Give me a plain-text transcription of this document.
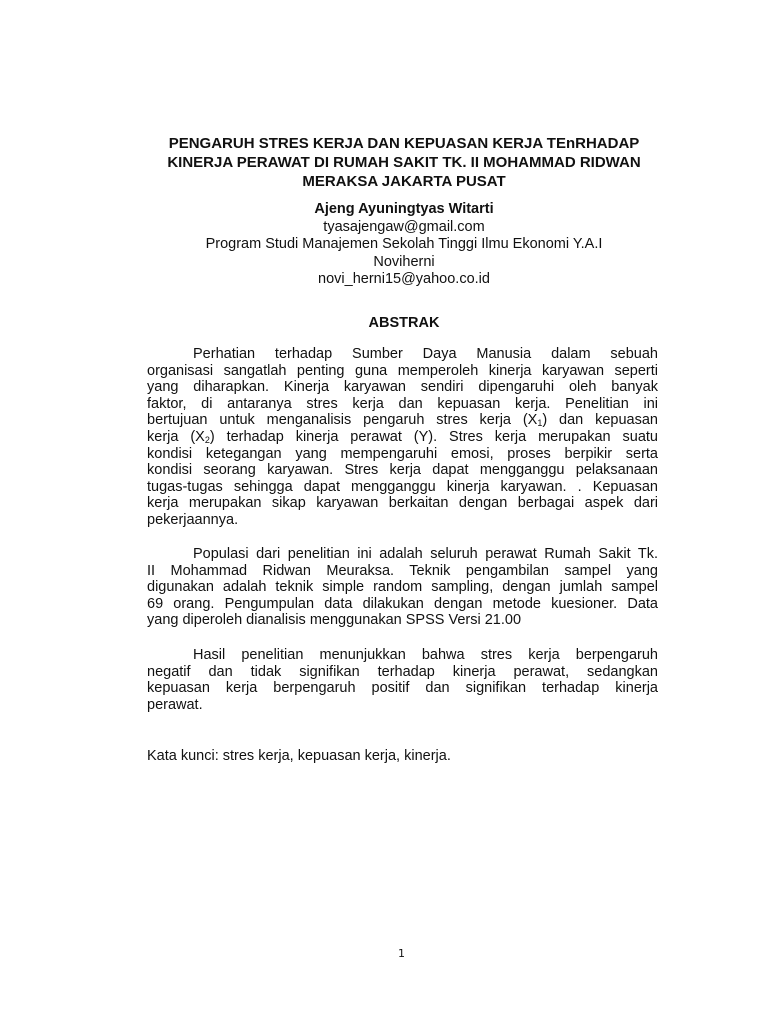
PENGARUH STRES KERJA DAN KEPUASAN KERJA TEnRHADAP
KINERJA PERAWAT DI RUMAH SAKIT TK. II MOHAMMAD RIDWAN
MERAKSA JAKARTA PUSAT
Ajeng Ayuningtyas Witarti
tyasajengaw@gmail.com
Program Studi Manajemen Sekolah Tinggi Ilmu Ekonomi Y.A.I
Noviherni
novi_herni15@yahoo.co.id
ABSTRAK
Perhatian terhadap Sumber Daya Manusia dalam sebuah
organisasi sangatlah penting guna memperoleh kinerja karyawan seperti
yang diharapkan. Kinerja karyawan sendiri dipengaruhi oleh banyak
faktor, di antaranya stres kerja dan kepuasan kerja. Penelitian ini
bertujuan untuk menganalisis pengaruh stres kerja $(X_1)$ dan kepuasan
kerja $(X_2)$ terhadap kinerja perawat (Y). Stres kerja merupakan suatu
kondisi ketegangan yang mempengaruhi emosi, proses berpikir serta
kondisi seorang karyawan. Stres kerja dapat mengganggu pelaksanaan
tugas-tugas sehingga dapat mengganggu kinerja karyawan. . Kepuasan
kerja merupakan sikap karyawan berkaitan dengan berbagai aspek dari
pekerjaannya.
Populasi dari penelitian ini adalah seluruh perawat Rumah Sakit Tk.
II Mohammad Ridwan Meuraksa. Teknik pengambilan sampel yang
digunakan adalah teknik simple random sampling, dengan jumlah sampel
69 orang. Pengumpulan data dilakukan dengan metode kuesioner. Data
yang diperoleh dianalisis menggunakan SPSS Versi 21.00
Hasil penelitian menunjukkan bahwa stres kerja berpengaruh
negatif dan tidak signifikan terhadap kinerja perawat, sedangkan
kepuasan kerja berpengaruh positif dan signifikan terhadap kinerja
perawat.
Kata kunci: stres kerja, kepuasan kerja, kinerja.
1
